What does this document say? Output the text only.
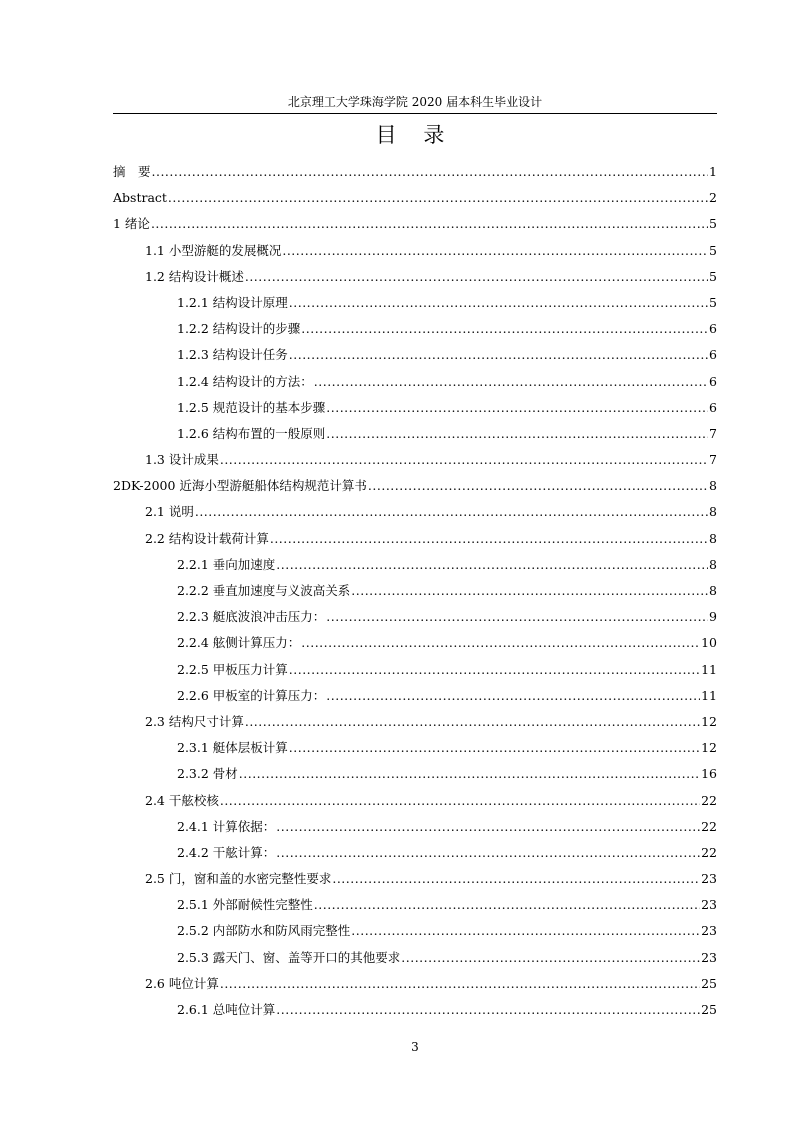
北京理工大学珠海学院 2020 届本科生毕业设计
目 录
摘　要 .....	1
Abstract .....	2
1 绪论 .....	5
1.1 小型游艇的发展概况 .....	5
1.2 结构设计概述 .....	5
1.2.1 结构设计原理 .....	5
1.2.2 结构设计的步骤 .....	6
1.2.3 结构设计任务 .....	6
1.2.4 结构设计的方法： .....	6
1.2.5 规范设计的基本步骤 .....	6
1.2.6 结构布置的一般原则 .....	7
1.3 设计成果 .....	7
2DK-2000 近海小型游艇船体结构规范计算书 .....	8
2.1 说明 .....	8
2.2 结构设计载荷计算 .....	8
2.2.1 垂向加速度 .....	8
2.2.2 垂直加速度与义波高关系 .....	8
2.2.3 艇底波浪冲击压力： .....	9
2.2.4 舷侧计算压力： .....	10
2.2.5 甲板压力计算 .....	11
2.2.6 甲板室的计算压力： .....	11
2.3 结构尺寸计算 .....	12
2.3.1 艇体层板计算 .....	12
2.3.2 骨材 .....	16
2.4 干舷校核 .....	22
2.4.1 计算依据： .....	22
2.4.2 干舷计算： .....	22
2.5 门，窗和盖的水密完整性要求 .....	23
2.5.1 外部耐候性完整性 .....	23
2.5.2 内部防水和防风雨完整性 .....	23
2.5.3 露天门、窗、盖等开口的其他要求 .....	23
2.6 吨位计算 .....	25
2.6.1 总吨位计算 .....	25
3
